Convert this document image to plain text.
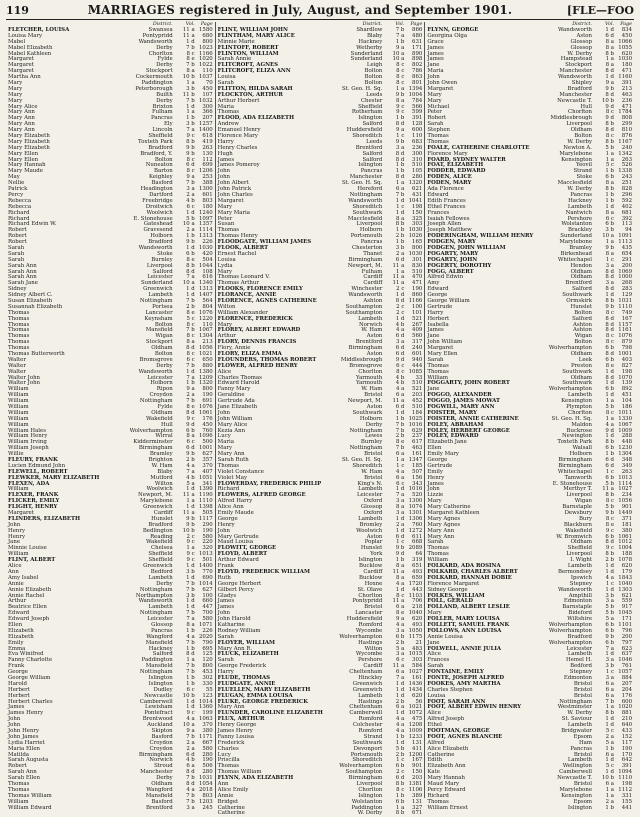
119	MARRIAGES registered in July, August, and September 1901.	[FLE—FOO
District.	Vol.	Page
FLETCHER, LOUISA	Swansea	11 a 1580
Louisa Mary	Pontypridd	11 a	680
Mabel	Wandsworth	1 d	800
Mabel Elizabeth	Derby	7 b 1023
Mabel Kathleen	Chorlton	8 c 1166
Margaret	Fylde	8 e 1020
Margaret	Derby	7 b 1022
Margaret	Stockport	8 a	110
Martha Ann	Cockermouth	10 b 1037
Mary	Paddington	1 a	70
Mary	Peterborough	3 b	450
Mary	Builth	11 b	107
Mary	Derby	7 b 1032
Mary Alice	Brixton	1 d	300
Mary Ann	Fulham	1 a	366
Mary Ann	Pancras	1 b	207
Mary Ann	Ely	3 b 1257
Mary Ann	Lincoln	7 a 1400
Mary Elizabeth	Sheffield	9 c	618
Mary Elizabeth	Toxteth Park	8 b	419
Mary Elizabeth	Bradford	9 b	263
Mary Ellen	Bradford, Y.	9 b	130
Mary Ellen	Bolton	8 c	112
Mary Hannah	Nuneaton	6 d	699
Mary Maude	Barton	8 c 1206
May	Keighley	9 a	253
Nellie	Basford	7 b	388
Patrick	Headington	3 a 1300
Percy	Dartford	2 a	601
Rebecca	Freebridge	4 b	803
Rebecca	Droitwich	6 c	180
Richard	Woolwich	1 d 1240
Richard	E. Stonehouse	5 b 1097
Richard Edwin W.	Gateshead	10 a 1357
Robert	Gravesend	2 a 1114
Robert	Holborn	1 b 1313
Robert	Bradford	9 b	226
Sarah	Wandsworth	1 d 1030
Sarah	Stoke	6 b	420
Sarah	Burnley	8 e	504
Sarah Ann	Liverpool	8 b 1044
Sarah Ann	Salford	8 d	108
Sarah Ann	Leicester	7 a	616
Sarah Jane	Sunderland	10 a 1340
Sidney	Greenwich	1 d 1313
Sidney Albert C.	Lambeth	1 d 1407
Susan Elizabeth	Nottingham	7 b	564
Susannah Elizabeth	Portsea	2 b	804
Thomas	Lancaster	8 e 1076
Thomas	Keynsham	5 c 1220
Thomas	Bolton	8 c	110
Thomas	Mansfield	7 b 1067
Thomas	Wigan	8 c 1304
Thomas	Stockport	8 a	213
Thomas	Oldham	8 d 1056
Thomas Butterworth	Bolton	8 c 1021
Walter	Bromsgrove	6 c	650
Walter	Derby	7 b	880
Walter	Wandsworth	1 d 1380
Walter John	Leicester	7 a 1209
Walter John	Holborn	1 b 1320
William	Ripon	9 a	800
William	Croydon	2 a	190
William	Nottingham	7 b	691
William	Fylde	8 e 1076
William	Oldham	8 d 1061
William	Wakefield	9 c	176
William	Hull	9 d	450
William Hales	Wolverhampton	6 b	760
William Henry	Wirral	8 a 1096
William Irving	Kidderminster	6 c	500
William Joseph	Birmingham	6 d 1001
Willie	Bramley	9 b	627
FLEURY, FRANK	Brighton	2 b	357
Lucien Edmund John	W. Ham	4 a	370
FLEWELL, ROBERT	Blaby	7 a	407
FLEWKER, MARY ELIZABETH	Mutford	4 b 1051
FLEXEN, ADA	Wilton	5 a	341
William	Woolwich	1 d 1390
FLEXER, FRANK	Newport, M.	11 a 1190
FLICKER, EMILY	Marylebone	1 a 1110
FLIGHT, HENRY	Greenwich	1 d 1398
Margaret	Cardiff	11 a	505
FLINDERS, ELIZABETH	Hunslet	9 b 1117
John	Bradford	9 b	290
Henry	Bedlington	10 b	190
Henry	Reading	2 c	580
Jane	Wakefield	9 c	220
Minnie Louise	Chelsea	1 a	320
William	Sheffield	9 c 1013
FLINT, ALBERT	Sheffield	9 c	501
Alice	Greenwich	1 d 1400
Ann	Bedford	3 b	770
Amy Isabel	Lambeth	1 d	690
Annie	Derby	7 b 1014
Annie Elizabeth	Nottingham	7 b	627
Annie Rachel	Northampton	3 b	100
Arthur	Wandsworth	1 d	660
Beatrice Ellen	Lambeth	1 d	447
Edward	Nottingham	7 b	700
Edward Joseph	Leicester	7 a	580
Ellen	Glossop	8 a 1071
Elizabeth	Pancras	1 b	226
Elizabeth	Wangford	4 a 2020
Emily	Mansfield	7 b	790
Emma	Hackney	1 b	695
Eva Winifred	Salford	8 d	125
Fanny Charlotte	Paddington	1 a	120
Frank	Mansfield	7 b	800
George	Nottingham	7 b	453
George William	Islington	1 b	302
Harold	Islington	1 b	330
Herbert	Dudley	6 c	55
Herbert	Newcastle	10 b	123
Herbert Charles	Camberwell	1 d 1014
James	Lewisham	1 d 1360
James Henry	Pontefract	9 c	199
John	Brentwood	4 a 1063
John	Auckland	10 a	370
John Henry	Skipton	9 a	380
John James	Basford	7 b 1171
Lydia Harriet	Croydon	2 a	667
Maria Ellen	Croydon	2 a	580
Matilda	Birmingham	6 d	280
Sarah Augusta	Norwich	4 b	190
Robert	Stroud	6 a	506
Sarah Ann	Manchester	8 d	280
Sarah Ellen	Derby	7 b 1031
Thomas	Oldham	8 d 1054
Thomas	Wangford	4 a 2018
Thomas William	Mansfield	7 b	803
William	Basford	7 b 1203
William Edward	Brentford	3 a	245
District.	Vol.	Page
FLINT, WILLIAM JOHN	Shardlow	7 b	866
FLINTHAM, MARY ALICE	Blaby	7 a	480
Minnie Marie	Hackney	1 b	631
FLINTOFF, ROBERT	Wetherby	9 a	171
FLINTON, WILLIAM	Sunderland	10 a	890
Sarah Annie	Sunderland	10 a	898
FLITCROFT, AGNES	Leigh	8 c	802
FLITCROFT, ELIZA ANN	Bolton	8 c	786
Louisa	Bolton	8 c	863
Sarah	Bolton	8 c	801
FLITTON, HILDA SARAH	St. Geo. H. Sq.	1 a 1394
FLOCKTON, ARTHUR	Leeds	9 b 1004
Arthur Herbert	Chester	8 a	784
Maria	Sheffield	9 c	566
Thomas	Rotherham	9 c	599
FLOOD, ADA ELIZABETH	Islington	1 b	391
Andrew	Salford	8 d	128
Emanuel Henry	Huddersfield	9 a	600
Florence Mary	Shoreditch	1 c	110
Harry	Leeds	9 b	683
Henry Charles	Brentford	3 a	236
Hugh	Salford	8 d	300
James	Salford	8 d	310
James Pomeroy	Islington	1 b	510
John	Pancras	1 b	105
John	Manchester	8 d	280
John Albert	St. Geo. H. Sq.	1 a 1320
John Patrick	Hereford	6 a	621
John Charles	Nottingham	7 b	431
Margaret	Wandsworth	1 d 1041
Mary	Shoreditch	1 c	198
Mary Maria	Southwark	1 d	150
Peter	Macclesfield	8 a	325
Susan	Liverpool	8 b	303
Thomas	Holborn	1 b 1030
Thomas Henry	Portsmouth	2 b 1026
FLOODGATE, WILLIAM JAMES	Pancras	1 b	165
FLOOK, ALBERT	Chesterton	3 b	800
Ernest Rachel	Thanet	2 a 1030
Louisa	Birmingham	6 d	301
Lydia	Newport, M.	11 a	830
Mary	Fulham	1 a	510
Thomas Leonard V.	Cardiff	11 a	470
Thomas Arthur	Cardiff	11 a	471
FLOOKS, FLORENCE EMILY	Winchester	2 c	190
FLORANCE, ANNIE	Wandsworth	1 d	860
FLORENCE, AGNES CATHERINE	Ashton	8 d 1166
Wilton	Southampton	2 c	100
William Alexander	Southampton	2 c	101
FLORENCE, FREDERICK	Lambeth	1 d	521
Mary	Norwich	4 b	267
FLOREY, ALBERT EDWARD	W. Ham	4 a	409
Arthur	Aston	6 d	560
FLORY, DENNIS FRANCIS	Brentford	3 a	317
Flory, Annie	Birmingham	6 d	240
FLORY, ELIZA EMMA	Aston	6 d	601
FLOUNDERS, THOMAS ROBERT	Middlesbrough	9 d	940
FLOWER, ALFRED HENRY	Bromsgrove	6 c	444
Alice	Chorlton	8 c 1085
Charles Thomas	Yarmouth	4 b	33
Edward Harold	Yarmouth	4 b	510
Fanny Mary	W. Ham	4 a	521
Geraldine	Bristol	6 a	203
Gertrude Ada	Newport, M.	11 a	452
Jane Elizabeth	Aston	6 d	510
John	Southwark	1 d	184
John William	Holborn	1 b 1025
Mary Alice	Derby	7 b 1016
Kezia Ann	Nottingham	7 b	629
Lucy	Lewes	2 b	237
Maria	Burnley	8 e	617
Mary	Nottingham	7 b	463
Mary Ann	Bristol	6 a	161
Sarah Ruth	St. Geo. H. Sq.	1 a 1347
Thomas	Shoreditch	1 c	185
Violet Constance	W. Ham	4 a	507
Violet May	Bristol	6 a	156
FLOWERDAY, FREDERICK PHILIP	King's N.	6 c	343
Richard	Lambeth	1 d 1016
FLOWERS, ALFRED GEORGE	Leicester	7 a	520
Alfred Harry	Oxford	3 a 1300
Alice Ann	Glossop	8 a 1074
Emily Maude	Oxford	3 a 1301
George	Lambeth	1 d 1306
Henry	Bromley	2 a	760
John	Woolwich	1 d 1272
Mary Gertrude	Aston	6 d	611
Maud Louisa	Poplar	1 c	668
FLOWITT, GEORGE	Hunslet	9 b 2089
FLOYD, ALBERT	York	9 d	64
Arthur Edward	Islington	1 b	319
Frank	Bucklow	8 a	651
FLOYD, FREDERICK WILLIAM	Cardiff	11 a	493
Ruth	Bucklow	8 a	659
George Herbert	Hoxne	4 a 1720
Gilbert Percy	St. Olave	1 d	443
Gladys	Chorlton	8 c 1103
James	Pontypridd	11 a	706
James	Bristol	6 a	218
John	Lancaster	8 e 1040
John Harold	Huddersfield	9 a	620
Katharine	Romford	4 a	493
Rodney William	Wycombe	3 a 1050
Sarah	Wolverhampton	6 b 1175
FLOYER, WILLIAM	Hastings	2 b	21
Mary Ann R.	Wilton	5 a	483
FLUCK, ELIZABETH	Wycombe	3 a 1015
Sarah	Pershore	6 c	303
George Frederick	Cardiff	11 a	584
Harry	Cheltenham	6 a 1027
FLUDE, THOMAS	Hinckley	7 a	161
FLUDGATE, ANNIE	Greenwich	1 d 1436
FLUELLEN, MARY ELIZABETH	Greenwich	1 d 1434
FLUGAN, EMMA LOUISA	Lambeth	1 d	620
FLUKE, GEORGE FREDERICK	Hastings	2 b	56
Mary Ann	Cheltenham	6 a 1021
FLUNDER, CAROLINE ELIZABETH	Camberwell	1 d 1072
FLUX, ARTHUR	Romford	4 a	475
Henry George	Colchester	4 a 1208
James Henry	Romford	4 a 1009
Fanny Louisa	Strand	1 b 1233
Frederick	Southwark	1 d	131
Charles	Devonport	5 b	411
Lucy	Portsmouth	2 b 1200
Priscilla	Shoreditch	1 c	167
Thomas	Wolverhampton	6 b	901
Thomas William	Southampton	2 c	150
FLYNN, ADA ELIZABETH	Birmingham	6 d	203
Ann	Liverpool	8 b 1381
Alice Emily	Chorlton	8 c 1106
Annie	Islington	1 b	389
Bridget	Wolstanton	6 b	131
Catherine	Paddington	1 a	327
Catherine	W. Derby	8 b	671
District.	Vol.	Page
FLYNN, GEORGE	Wandsworth	1 d	834
Georgina Olga	Aston	6 d	450
Grace	Glossop	8 a 1066
James	Glossop	8 a 1055
James	W. Derby	8 b	620
James	Hampstead	1 a 1030
Jane	Stockport	8 a	180
Maria	Manchester	8 d	471
John	Wandsworth	1 d 1160
John Owen	Shipley	9 a	391
Margaret	Bradford	9 b	213
Mary	Manchester	8 d	463
Mary	Newcastle T.	10 b	236
Michael	Hull	9 d	471
Peter	Chorlton	8 c 1784
Robert	Middlesbrough	9 d	808
Sarah	Liverpool	8 b	299
Stephen	Oldham	8 d	810
Thomas	Bolton	8 c	876
Thomas	W. Derby	8 b 1167
FOALE, CATHERINE CHARLOTTE	Newton A.	5 b	240
Florence Mary	Marylebone	1 a 1342
FOARD, SYDNEY WALTER	Kensington	1 a	263
FOAT, ELIZABETH	Yeovil	5 c	526
FODDER, EDWARD	Strand	1 b 1338
FODEN, ALICE	Stoke	6 b	243
FODEN, MARY	Macclesfield	8 a	251
Ada Florence	W. Derby	8 b	828
Edward	Pancras	1 b	296
Edith Frances	Hackney	1 b	592
Ethel Frances	Lambeth	1 d	402
Frances	Nantwich	8 a	681
Isaiah Fellowes	Pershore	6 c	392
Joseph Allen	Wolstanton	6 b	113
Joseph Matthew	Brackley	3 b	94
FODERINGHAM, WILLIAM HENRY	Sunderland	10 a 1091
FODGEN, MARY	Marylebone	1 a 1113
FODGEN, JOHN WILLIAM	Bramley	9 b	435
FOGARTY, MARY	Birkenhead	8 a	654
FOGARTY, JOHN	Whitechapel	1 c	291
FOGERTY, DOROTHY	Hendon	3 a	200
FOGG, ALBERT	Oldham	8 d 1069
Alfred Edwin	Oldham	8 d 1000
Amy	Brentford	3 a	268
Edward	Salford	8 d	283
George	Southwark	1 d	129
George William	Ormskirk	8 b 1031
Gertrude	Hunslet	9 b 1110
Harry	Bolton	8 c	749
Herbert	Salford	8 d	167
Isabella	Ashton	8 d 1157
James	Ashton	8 d 1161
Jane	Wigan	8 c 1076
John William	Bolton	8 c	879
Margaret	Wolverhampton	6 b	798
Mary Ellen	Oldham	8 d 1001
Sarah	Leek	6 b	403
Thomas	Preston	8 e	827
Thomas	Southwark	1 d	198
William	Oldham	8 d 1070
FOGGARTY, JOHN ROBERT	Southwark	1 d	139
Jane	Wolverhampton	6 b	892
FOGGO, ALEXANDER	Lambeth	1 d	451
FOGGO, JAMES MOWAT	Kensington	1 a	104
FOGWILL, MARY ANN	Plympton	5 b	186
FOISTER, MARY	Chorlton	8 c 1011
FOISTER, ANNIE CATHERINE	St. Geo. H. Sq.	1 a 1330
FOLEY, ABRAHAM	Maldon	4 a 1067
FOLEY, HERBERT GEORGE	Buckrose	9 d 1009
FOLEY, EDWARD	Newington	1 d	288
Elizabeth Jane	Toxteth Park	8 b	448
Ellen	Walsall	6 b 1230
Emily Mary	Holborn	1 b 1304
George	Birmingham	6 d	348
Gertrude	Birmingham	6 d	349
Emily	Whitechapel	1 c	263
Henry	Tamworth	6 b 1013
James	E. Stonehouse	5 b 1114
John	Merthyr T.	11 a 1027
Lizzie	Liverpool	8 b	234
Mary	Wigan	8 c 1056
Mary Catherine	Barnstaple	5 b	901
Margaret Kathleen	Dewsbury	9 b 1449
Mary Agnes	Bury	8 c	371
Mary Agnes	Blackburn	8 e	181
Mary Ann	Wakefield	9 c	380
Mary Ann	W. Bromwich	6 b 1061
Sarah	Oldham	8 d 1012
Thomas	Sheffield	9 c 1004
Thomas	Liverpool	8 b	188
William	I. Wight	2 b 1078
FOLKARD, ADA ROSINA	Lambeth	1 d	620
FOLKARD, CHARLES ALBERT	Bermondsey	1 d	179
FOLKARD, HANNAH DOBIE	Ipswich	4 a 1843
Florence Margaret	Stepney	1 c 1040
Sidney George	Wandsworth	1 d 1303
FOLKES, WILLIAM	Ampthill	3 b	621
FOLL, GERALD	Edmonton	3 a	559
FOLLAND, ALBERT LESLIE	Barnstaple	5 b	917
Mary	Bideford	5 b 1045
FOLLER, MARY LOUISA	Wiltshire	5 a	171
FOLLETT, SAMUEL FRANK	Wolverhampton	6 b 1101
FOLLOWS, ANN LOUISA	Wolverhampton	6 b	796
Annie Louisa	Bradford	9 b	200
Jane	Wolverhampton	6 b	797
FOLWELL, ANNIE JULIA	Leicester	7 a	623
Alice	Lambeth	1 d	637
Frances	Hemel H.	3 a 1046
Sarah	Bedford	3 b	761
FONTAINE, EMILY	Stepney	1 c 1057
FONTE, JOSEPH ALFRED	Edmonton	3 a	884
FOOKES, AMY MARTHA	Bristol	6 a	207
Charles Stephen	Bristol	6 a	204
Louisa	Bristol	6 a	176
FOOT, SARAH ANN	Nottingham	7 b	600
FOOT, ALBERT EDWIN HENRY	Westminster	1 a 1020
Alice	W. Derby	8 b	881
Alfred Joseph	St. Saviour	1 d	210
Ethel	Lambeth	1 d	640
FOOTMAN, GEORGE	Bridgwater	5 c	433
FOOT, AGNES BLANCHE	Epsom	2 a	152
Alfred	Ham	5 a	117
Alice Elizabeth	Pancras	1 b	190
Catherine	Bristol	6 a	170
Edith	Lambeth	1 d	642
Elizabeth Ann	Wellington	5 c	391
Kate	Camberwell	1 d 1094
Mary Hannah	Newcastle T.	10 b 1110
Maud Mary	Bristol	6 a	198
Percy Edward	Marylebone	1 a 1112
Richard	Kensington	1 a	331
Thomas	Epsom	2 a	155
William Ernest	Islington	1 b	441
